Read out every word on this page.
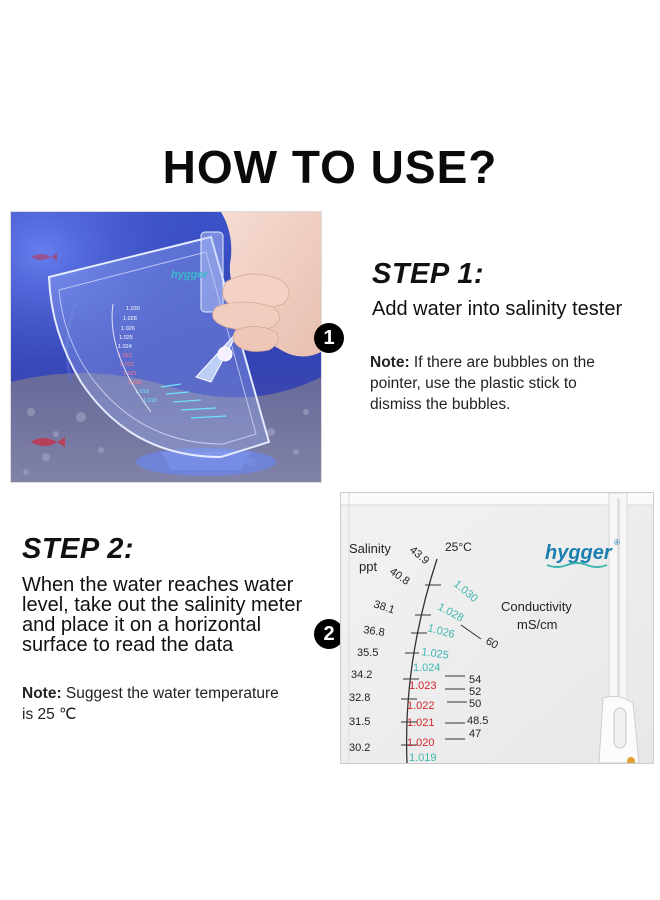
HOW TO USE?
hygger
1.030
1.028
1.026
1.025
1.024
1.023
1.022
1.021
1.020
1.019
1.018
1
STEP 1:
Add water into salinity tester
Note: If there are bubbles on the
pointer, use the plastic stick to
dismiss the bubbles.
STEP 2:
When the water reaches water
level, take out the salinity meter
and place it on a horizontal
surface to read the data
Note: Suggest the water temperature
is 25 ℃
2
Salinity
ppt
25°C
Conductivity
mS/cm
hygger ®
43.9
40.8
38.1
36.8
35.5
34.2
32.8
31.5
30.2
1.030
1.028
1.026
1.025
1.024
1.023
1.022
1.021
1.020
1.019
60
54
52
50
48.5
47
